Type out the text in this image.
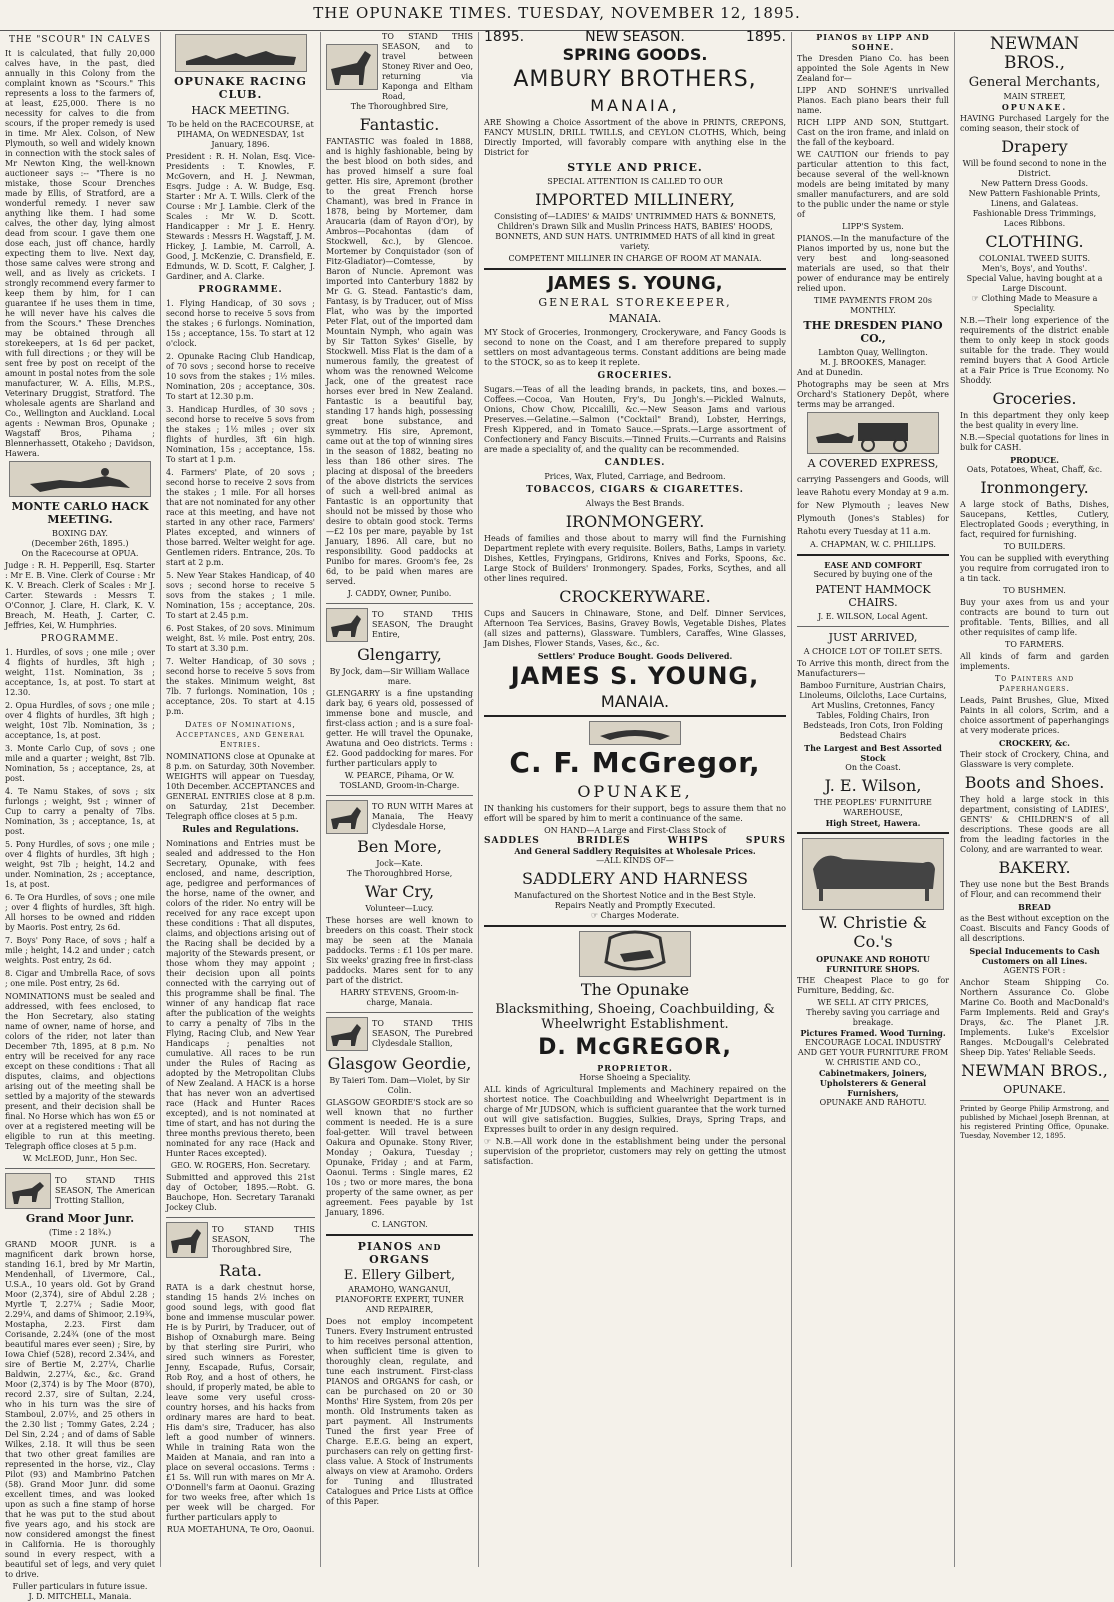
THE OPUNAKE TIMES. TUESDAY, NOVEMBER 12, 1895.
THE "SCOUR" IN CALVES

It is calculated, that fully 20,000 calves have, in the past, died annually in this Colony from the complaint known as "Scours." This represents a loss to the farmers of, at least, £25,000. There is no necessity for calves to die from scours, if the proper remedy is used in time. Mr Alex. Colson, of New Plymouth, so well and widely known in connection with the stock sales of Mr Newton King, the well-known auctioneer says :-- "There is no mistake, those Scour Drenches made by Ellis, of Stratford, are a wonderful remedy. I never saw anything like them. I had some calves, the other day, lying almost dead from scour. I gave them one dose each, just off chance, hardly expecting them to live. Next day, those same calves were strong and well, and as lively as crickets. I strongly recommend every farmer to keep them by him, for I can guarantee if he uses them in time, he will never have his calves die from the Scours." These Drenches may be obtained through all storekeepers, at 1s 6d per packet, with full directions ; or they will be sent free by post on receipt of the amount in postal notes from the sole manufacturer, W. A. Ellis, M.P.S., Veterinary Druggist, Stratford. The wholesale agents are Sharland and Co., Wellington and Auckland. Local agents : Newman Bros, Opunake ; Wagstaff Bros, Pihama ; Blennerhassett, Otakeho ; Davidson, Hawera.

MONTE CARLO HACK MEETING.
BOXING DAY.
(December 26th, 1895.)
On the Racecourse at OPUA.

Judge : R. H. Pepperill, Esq. Starter : Mr E. B. Vine. Clerk of Course : Mr K. V. Breach. Clerk of Scales : Mr J. Carter. Stewards : Messrs T. O'Connor, J. Clare, H. Clark, K. V. Breach, M. Heath, J. Carter, C. Jeffries, Kei, W. Humphries.

PROGRAMME.

1. Hurdles, of sovs ; one mile ; over 4 flights of hurdles, 3ft high ; weight, 11st. Nomination, 3s ; acceptance, 1s, at post. To start at 12.30.

2. Opua Hurdles, of sovs ; one mile ; over 4 flights of hurdles, 3ft high ; weight, 10st 7lb. Nomination, 3s ; acceptance, 1s, at post.

3. Monte Carlo Cup, of sovs ; one mile and a quarter ; weight, 8st 7lb. Nomination, 5s ; acceptance, 2s, at post.

4. Te Namu Stakes, of sovs ; six furlongs ; weight, 9st ; winner of Cup to carry a penalty of 7lbs. Nomination, 3s ; acceptance, 1s, at post.

5. Pony Hurdles, of sovs ; one mile ; over 4 flights of hurdles, 3ft high ; weight, 9st 7lb ; height, 14.2 and under. Nomination, 2s ; acceptance, 1s, at post.

6. Te Ora Hurdles, of sovs ; one mile ; over 4 flights of hurdles, 3ft high. All horses to be owned and ridden by Maoris. Post entry, 2s 6d.

7. Boys' Pony Race, of sovs ; half a mile ; height, 14.2 and under ; catch weights. Post entry, 2s 6d.

8. Cigar and Umbrella Race, of sovs ; one mile. Post entry, 2s 6d.

NOMINATIONS must be sealed and addressed, with fees enclosed, to the Hon Secretary, also stating name of owner, name of horse, and colors of the rider, not later than December 7th, 1895, at 8 p.m. No entry will be received for any race except on these conditions : That all disputes, claims, and objections arising out of the meeting shall be settled by a majority of the stewards present, and their decision shall be final. No Horse which has won £5 or over at a registered meeting will be eligible to run at this meeting. Telegraph office closes at 5 p.m.

W. McLEOD, Junr., Hon Sec.
TO STAND THIS SEASON, The American Trotting Stallion,
Grand Moor Junr.
(Time : 2 18¾.)

GRAND MOOR JUNR. is a magnificent dark brown horse, standing 16.1, bred by Mr Martin, Mendenhall, of Livermore, Cal., U.S.A., 10 years old. Got by Grand Moor (2,374), sire of Abdul 2.28 ; Myrtle T, 2.27¼ ; Sadie Moor, 2.29¼, and dams of Shimoor, 2.19¾, Mostapha, 2.23. First dam Corisande, 2.24¾ (one of the most beautiful mares ever seen) ; Sire, by Iowa Chief (528), record 2.34¼, and sire of Bertie M, 2.27¼, Charlie Baldwin, 2.27¼, &c., &c. Grand Moor (2,374) is by The Moor (870), record 2.37, sire of Sultan, 2.24, who in his turn was the sire of Stamboul, 2.07½, and 25 others in the 2.30 list ; Tommy Gates, 2.24 ; Del Sin, 2.24 ; and of dams of Sable Wilkes, 2.18. It will thus be seen that two other great families are represented in the horse, viz., Clay Pilot (93) and Mambrino Patchen (58). Grand Moor Junr. did some excellent times, and was looked upon as such a fine stamp of horse that he was put to the stud about five years ago, and his stock are now considered amongst the finest in California. He is thoroughly sound in every respect, with a beautiful set of legs, and very quiet to drive.

Fuller particulars in future issue.
J. D. MITCHELL, Manaia.
OPUNAKE RACING CLUB.
HACK MEETING.
To be held on the RACECOURSE, at PIHAMA, On WEDNESDAY, 1st January, 1896.

President : R. H. Nolan, Esq. Vice-Presidents : T. Knowles, F. McGovern, and H. J. Newman, Esqrs. Judge : A. W. Budge, Esq. Starter : Mr A. T. Wills. Clerk of the Course : Mr J. Lambie. Clerk of the Scales : Mr W. D. Scott. Handicapper : Mr J. E. Henry. Stewards : Messrs H. Wagstaff, J. M. Hickey, J. Lambie, M. Carroll, A. Good, J. McKenzie, C. Dransfield, E. Edmunds, W. D. Scott, F. Calgher, J. Gardiner, and A. Clarke.

PROGRAMME.

1. Flying Handicap, of 30 sovs ; second horse to receive 5 sovs from the stakes ; 6 furlongs. Nomination, 15s ; acceptance, 15s. To start at 12 o'clock.

2. Opunake Racing Club Handicap, of 70 sovs ; second horse to receive 10 sovs from the stakes ; 1½ miles. Nomination, 20s ; acceptance, 30s. To start at 12.30 p.m.

3. Handicap Hurdles, of 30 sovs ; second horse to receive 5 sovs from the stakes ; 1½ miles ; over six flights of hurdles, 3ft 6in high. Nomination, 15s ; acceptance, 15s. To start at 1 p.m.

4. Farmers' Plate, of 20 sovs ; second horse to receive 2 sovs from the stakes ; 1 mile. For all horses that are not nominated for any other race at this meeting, and have not started in any other race, Farmers' Plates excepted, and winners of those barred. Welter weight for age. Gentlemen riders. Entrance, 20s. To start at 2 p.m.

5. New Year Stakes Handicap, of 40 sovs ; second horse to receive 5 sovs from the stakes ; 1 mile. Nomination, 15s ; acceptance, 20s. To start at 2.45 p.m.

6. Post Stakes, of 20 sovs. Minimum weight, 8st. ½ mile. Post entry, 20s. To start at 3.30 p.m.

7. Welter Handicap, of 30 sovs ; second horse to receive 5 sovs from the stakes. Minimum weight, 8st 7lb. 7 furlongs. Nomination, 10s ; acceptance, 20s. To start at 4.15 p.m.

Dates of Nominations, Acceptances, and General Entries.

NOMINATIONS close at Opunake at 8 p.m. on Saturday, 30th November. WEIGHTS will appear on Tuesday, 10th December. ACCEPTANCES and GENERAL ENTRIES close at 8 p.m. on Saturday, 21st December. Telegraph office closes at 5 p.m.

Rules and Regulations.

Nominations and Entries must be sealed and addressed to the Hon Secretary, Opunake, with fees enclosed, and name, description, age, pedigree and performances of the horse, name of the owner, and colors of the rider. No entry will be received for any race except upon these conditions : That all disputes, claims, and objections arising out of the Racing shall be decided by a majority of the Stewards present, or those whom they may appoint ; their decision upon all points connected with the carrying out of this programme shall be final. The winner of any handicap flat race after the publication of the weights to carry a penalty of 7lbs in the Flying, Racing Club, and New Year Handicaps ; penalties not cumulative. All races to be run under the Rules of Racing as adopted by the Metropolitan Clubs of New Zealand. A HACK is a horse that has never won an advertised race (Hack and Hunter Races excepted), and is not nominated at time of start, and has not during the three months previous thereto, been nominated for any race (Hack and Hunter Races excepted).

GEO. W. ROGERS, Hon. Secretary.

Submitted and approved this 21st day of October, 1895.—Robt. G. Bauchope, Hon. Secretary Taranaki Jockey Club.

TO STAND THIS SEASON, The Thoroughbred Sire,
Rata.

RATA is a dark chestnut horse, standing 15 hands 2½ inches on good sound legs, with good flat bone and immense muscular power. He is by Puriri, by Traducer, out of Bishop of Oxnaburgh mare. Being by that sterling sire Puriri, who sired such winners as Forester, Jenny, Escapade, Rufus, Corsair, Rob Roy, and a host of others, he should, if properly mated, be able to leave some very useful cross-country horses, and his hacks from ordinary mares are hard to beat. His dam's sire, Traducer, has also left a good number of winners. While in training Rata won the Maiden at Manaia, and ran into a place on several occasions. Terms : £1 5s. Will run with mares on Mr A. O'Donnell's farm at Oaonui. Grazing for two weeks free, after which 1s per week will be charged. For further particulars apply to

RUA MOETAHUNA, Te Oro, Oaonui.
TO STAND THIS SEASON, and to travel between Stoney River and Oeo, returning via Kaponga and Eltham Road,
The Thoroughbred Sire,
Fantastic.

FANTASTIC was foaled in 1888, and is highly fashionable, being by the best blood on both sides, and has proved himself a sure foal getter. His sire, Apremont (brother to the great French horse Chamant), was bred in France in 1878, being by Mortemer, dam Araucaria (dam of Rayon d'Or), by Ambros—Pocahontas (dam of Stockwell, &c.), by Glencoe. Mortemer by Conquistador (son of Fitz-Gladiator)—Comtesse, by Baron of Nuncie. Apremont was imported into Canterbury 1882 by Mr G. G. Stead. Fantastic's dam, Fantasy, is by Traducer, out of Miss Flat, who was by the imported Peter Flat, out of the imported dam Mountain Nymph, who again was by Sir Tatton Sykes' Giselle, by Stockwell. Miss Flat is the dam of a numerous family, the greatest of whom was the renowned Welcome Jack, one of the greatest race horses ever bred in New Zealand. Fantastic is a beautiful bay, standing 17 hands high, possessing great bone substance, and symmetry. His sire, Apremont, came out at the top of winning sires in the season of 1882, beating no less than 186 other sires. The placing at disposal of the breeders of the above districts the services of such a well-bred animal as Fantastic is an opportunity that should not be missed by those who desire to obtain good stock. Terms—£2 10s per mare, payable by 1st January, 1896. All care, but no responsibility. Good paddocks at Punibo for mares. Groom's fee, 2s 6d, to be paid when mares are served.

J. CADDY, Owner, Punibo.
TO STAND THIS SEASON, The Draught Entire,
Glengarry,
By Jock, dam—Sir William Wallace mare.

GLENGARRY is a fine upstanding dark bay, 6 years old, possessed of immense bone and muscle, and first-class action ; and is a sure foal-getter. He will travel the Opunake, Awatuna and Oeo districts. Terms : £2. Good paddocking for mares. For further particulars apply to

W. PEARCE, Pihama, Or W. TOSLAND, Groom-in-Charge.
TO RUN WITH Mares at Manaia, The Heavy Clydesdale Horse,
Ben More,
Jock—Kate.
The Thoroughbred Horse,
War Cry,
Volunteer—Lucy.

These horses are well known to breeders on this coast. Their stock may be seen at the Manaia paddocks. Terms : £1 10s per mare. Six weeks' grazing free in first-class paddocks. Mares sent for to any part of the district.

HARRY STEVENS, Groom-in-charge, Manaia.
TO STAND THIS SEASON, The Purebred Clydesdale Stallion,
Glasgow Geordie,
By Taieri Tom. Dam—Violet, by Sir Colin.

GLASGOW GEORDIE'S stock are so well known that no further comment is needed. He is a sure foal-getter. Will travel between Oakura and Opunake. Stony River, Monday ; Oakura, Tuesday ; Opunake, Friday ; and at Farm, Oaonui. Terms : Single mares, £2 10s ; two or more mares, the bona property of the same owner, as per agreement. Fees payable by 1st January, 1896.

C. LANGTON.
PIANOS and ORGANS
E. Ellery Gilbert,
ARAMOHO, WANGANUI,
PIANOFORTE EXPERT, TUNER AND REPAIRER,

Does not employ incompetent Tuners. Every Instrument entrusted to him receives personal attention, when sufficient time is given to thoroughly clean, regulate, and tune each instrument. First-class PIANOS and ORGANS for cash, or can be purchased on 20 or 30 Months' Hire System, from 20s per month. Old Instruments taken as part payment. All Instruments Tuned the first year Free of Charge. E.E.G. being an expert, purchasers can rely on getting first-class value. A Stock of Instruments always on view at Aramoho. Orders for Tuning and Illustrated Catalogues and Price Lists at Office of this Paper.

1895.	NEW SEASON.	1895.
SPRING GOODS.
AMBURY BROTHERS,
MANAIA,

ARE Showing a Choice Assortment of the above in PRINTS, CREPONS, FANCY MUSLIN, DRILL TWILLS, and CEYLON CLOTHS, Which, being Directly Imported, will favorably compare with anything else in the District for

STYLE AND PRICE.
SPECIAL ATTENTION IS CALLED TO OUR
IMPORTED MILLINERY,

Consisting of—LADIES' & MAIDS' UNTRIMMED HATS & BONNETS, Children's Drawn Silk and Muslin Princess HATS, BABIES' HOODS, BONNETS, AND SUN HATS. UNTRIMMED HATS of all kind in great variety.

COMPETENT MILLINER IN CHARGE OF ROOM AT MANAIA.
JAMES S. YOUNG,
GENERAL STOREKEEPER,
MANAIA.

MY Stock of Groceries, Ironmongery, Crockeryware, and Fancy Goods is second to none on the Coast, and I am therefore prepared to supply settlers on most advantageous terms. Constant additions are being made to the STOCK, so as to keep it replete.

GROCERIES.

Sugars.—Teas of all the leading brands, in packets, tins, and boxes.—Coffees.—Cocoa, Van Houten, Fry's, Du Jongh's.—Pickled Walnuts, Onions, Chow Chow, Piccalilli, &c.—New Season Jams and various Preserves.—Gelatine.—Salmon ("Cocktail" Brand), Lobster, Herrings, Fresh Kippered, and in Tomato Sauce.—Sprats.—Large assortment of Confectionery and Fancy Biscuits.—Tinned Fruits.—Currants and Raisins are made a speciality of, and the quality can be recommended.

CANDLES.
Prices, Wax, Fluted, Carriage, and Bedroom.
TOBACCOS, CIGARS & CIGARETTES.
Always the Best Brands.
IRONMONGERY.

Heads of families and those about to marry will find the Furnishing Department replete with every requisite. Boilers, Baths, Lamps in variety. Dishes, Kettles, Fryingpans, Gridirons, Knives and Forks, Spoons, &c. Large Stock of Builders' Ironmongery. Spades, Forks, Scythes, and all other lines required.

CROCKERYWARE.

Cups and Saucers in Chinaware, Stone, and Delf. Dinner Services, Afternoon Tea Services, Basins, Gravey Bowls, Vegetable Dishes, Plates (all sizes and patterns), Glassware. Tumblers, Caraffes, Wine Glasses, Jam Dishes, Flower Stands, Vases, &c., &c.

Settlers' Produce Bought. Goods Delivered.
JAMES S. YOUNG,
MANAIA.
C. F. McGregor,
OPUNAKE,

IN thanking his customers for their support, begs to assure them that no effort will be spared by him to merit a continuance of the same.

ON HAND—A Large and First-Class Stock of
SADDLES	BRIDLES	WHIPS	SPURS
And General Saddlery Requisites at Wholesale Prices.
—ALL KINDS OF—
SADDLERY AND HARNESS
Manufactured on the Shortest Notice and in the Best Style.
Repairs Neatly and Promptly Executed.
☞ Charges Moderate.
The Opunake
Blacksmithing, Shoeing, Coachbuilding, & Wheelwright Establishment.
D. McGREGOR,
PROPRIETOR.
Horse Shoeing a Speciality.

ALL kinds of Agricultural Implements and Machinery repaired on the shortest notice. The Coachbuilding and Wheelwright Department is in charge of Mr JUDSON, which is sufficient guarantee that the work turned out will give satisfaction. Buggies, Sulkies, Drays, Spring Traps, and Expresses built to order in any design required.

☞ N.B.—All work done in the establishment being under the personal supervision of the proprietor, customers may rely on getting the utmost satisfaction.

PIANOS by LIPP AND SOHNE.

The Dresden Piano Co. has been appointed the Sole Agents in New Zealand for—

LIPP AND SOHNE'S unrivalled Pianos. Each piano bears their full name.

RICH LIPP AND SON, Stuttgart. Cast on the iron frame, and inlaid on the fall of the keyboard.

WE CAUTION our friends to pay particular attention to this fact, because several of the well-known models are being imitated by many smaller manufacturers, and are sold to the public under the name or style of

LIPP'S System.

PIANOS.—In the manufacture of the Pianos imported by us, none but the very best and long-seasoned materials are used, so that their power of endurance may be entirely relied upon.

TIME PAYMENTS FROM 20s MONTHLY.
THE DRESDEN PIANO CO.,
Lambton Quay, Wellington.
M. J. BROOKES, Manager.
And at Dunedin.

Photographs may be seen at Mrs Orchard's Stationery Depôt, where terms may be arranged.

A COVERED EXPRESS,

carrying Passengers and Goods, will leave Rahotu every Monday at 9 a.m. for New Plymouth ; leaves New Plymouth (Jones's Stables) for Rahotu every Tuesday at 11 a.m.

A. CHAPMAN, W. C. PHILLIPS.
EASE AND COMFORT
Secured by buying one of the
PATENT HAMMOCK CHAIRS.
J. E. WILSON, Local Agent.
JUST ARRIVED,
A CHOICE LOT OF TOILET SETS.

To Arrive this month, direct from the Manufacturers—

Bamboo Furniture, Austrian Chairs, Linoleums, Oilcloths, Lace Curtains, Art Muslins, Cretonnes, Fancy Tables, Folding Chairs, Iron Bedsteads, Iron Cots, Iron Folding Bedstead Chairs

The Largest and Best Assorted Stock
On the Coast.
J. E. Wilson,
THE PEOPLES' FURNITURE WAREHOUSE,
High Street, Hawera.
W. Christie & Co.'s
OPUNAKE AND ROHOTU FURNITURE SHOPS.

THE Cheapest Place to go for Furniture, Bedding, &c.

WE SELL AT CITY PRICES,
Thereby saving you carriage and breakage.
Pictures Framed. Wood Turning.
ENCOURAGE LOCAL INDUSTRY AND GET YOUR FURNITURE FROM
W. CHRISTIE AND CO.,
Cabinetmakers, Joiners, Upholsterers & General Furnishers,
OPUNAKE AND RAHOTU.
NEWMAN BROS.,
General Merchants,
MAIN STREET,
OPUNAKE.

HAVING Purchased Largely for the coming season, their stock of

Drapery
Will be found second to none in the District.
New Pattern Dress Goods.
New Pattern Fashionable Prints, Linens, and Galateas.
Fashionable Dress Trimmings, Laces Ribbons.
CLOTHING.
COLONIAL TWEED SUITS.
Men's, Boys', and Youths'.
Special Value, having bought at a Large Discount.
☞ Clothing Made to Measure a Speciality.

N.B.—Their long experience of the requirements of the district enable them to only keep in stock goods suitable for the trade. They would remind buyers that A Good Article at a Fair Price is True Economy. No Shoddy.

Groceries.

In this department they only keep the best quality in every line.

N.B.—Special quotations for lines in bulk for CASH.

PRODUCE.
Oats, Potatoes, Wheat, Chaff, &c.
Ironmongery.

A large stock of Baths, Dishes, Saucepans, Kettles, Cutlery, Electroplated Goods ; everything, in fact, required for furnishing.

TO BUILDERS.

You can be supplied with everything you require from corrugated iron to a tin tack.

TO BUSHMEN.

Buy your axes from us and your contracts are bound to turn out profitable. Tents, Billies, and all other requisites of camp life.

TO FARMERS.

All kinds of farm and garden implements.

To Painters and Paperhangers.

Leads, Paint Brushes, Glue, Mixed Paints in all colors, Scrim, and a choice assortment of paperhangings at very moderate prices.

CROCKERY, &c.

Their stock of Crockery, China, and Glassware is very complete.

Boots and Shoes.

They hold a large stock in this department, consisting of LADIES', GENTS' & CHILDREN'S of all descriptions. These goods are all from the leading factories in the Colony, and are warranted to wear.

BAKERY.

They use none but the Best Brands of Flour, and can recommend their

BREAD

as the Best without exception on the Coast. Biscuits and Fancy Goods of all descriptions.

Special Inducements to Cash Customers on all Lines.
AGENTS FOR :

Anchor Steam Shipping Co. Northern Assurance Co. Globe Marine Co. Booth and MacDonald's Farm Implements. Reid and Gray's Drays, &c. The Planet J.R. Implements. Luke's Excelsior Ranges. McDougall's Celebrated Sheep Dip. Yates' Reliable Seeds.

NEWMAN BROS.,
OPUNAKE.

Printed by George Philip Armstrong, and published by Michael Joseph Brennan, at his registered Printing Office, Opunake. Tuesday, November 12, 1895.
